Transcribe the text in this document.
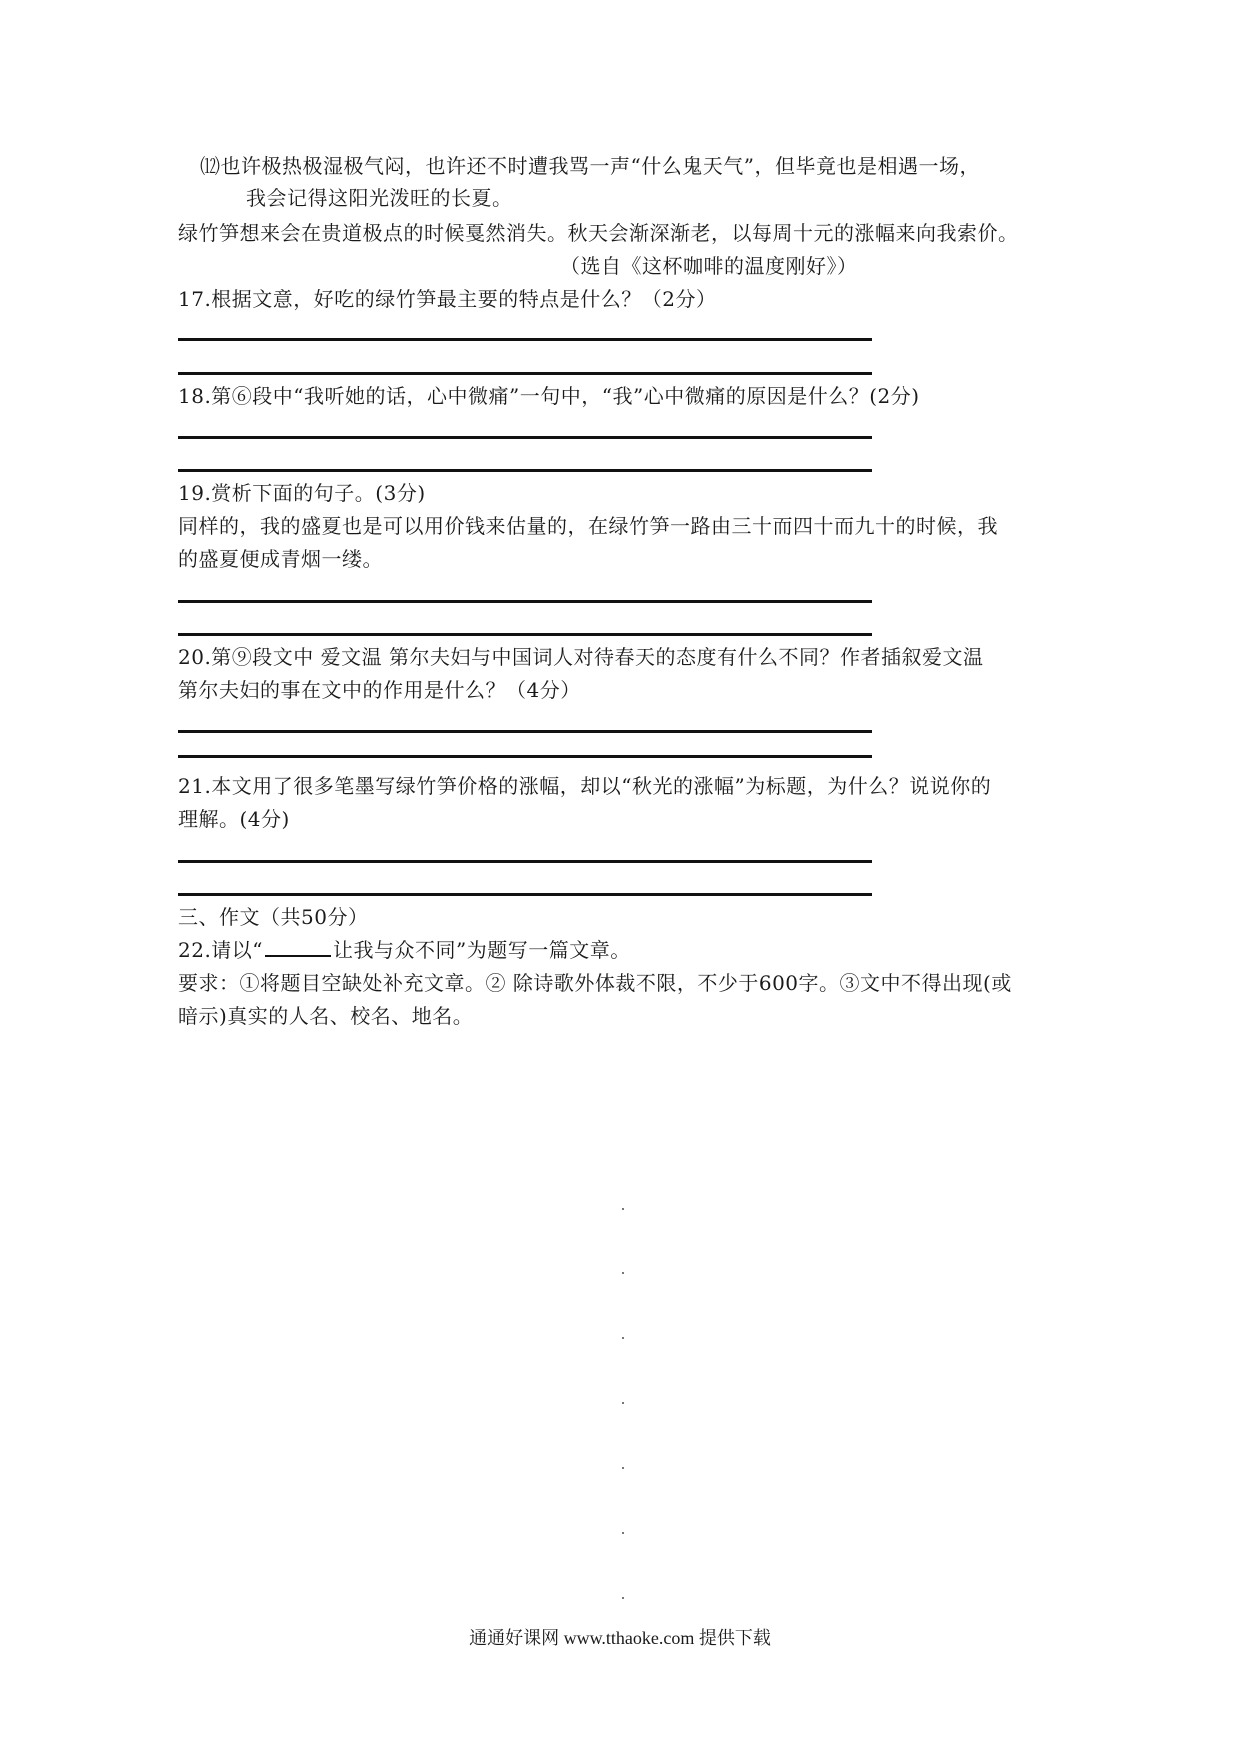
⑿也许极热极湿极气闷，也许还不时遭我骂一声“什么鬼天气”，但毕竟也是相遇一场，
我会记得这阳光泼旺的长夏。
绿竹笋想来会在贵道极点的时候戛然消失。秋天会渐深渐老，以每周十元的涨幅来向我索价。
（选自《这杯咖啡的温度刚好》）
17.根据文意，好吃的绿竹笋最主要的特点是什么？（2分）
18.第⑥段中“我听她的话，心中微痛”一句中，“我”心中微痛的原因是什么？(2分)
19.赏析下面的句子。(3分)
同样的，我的盛夏也是可以用价钱来估量的，在绿竹笋一路由三十而四十而九十的时候，我
的盛夏便成青烟一缕。
20.第⑨段文中 爱文温 第尔夫妇与中国词人对待春天的态度有什么不同？作者插叙爱文温
第尔夫妇的事在文中的作用是什么？（4分）
21.本文用了很多笔墨写绿竹笋价格的涨幅，却以“秋光的涨幅”为标题，为什么？说说你的
理解。(4分)
三、作文（共50分）
22.请以“	让我与众不同”为题写一篇文章。
要求：①将题目空缺处补充文章。② 除诗歌外体裁不限，不少于600字。③文中不得出现(或
暗示)真实的人名、校名、地名。
通通好课网 www.tthaoke.com 提供下载
